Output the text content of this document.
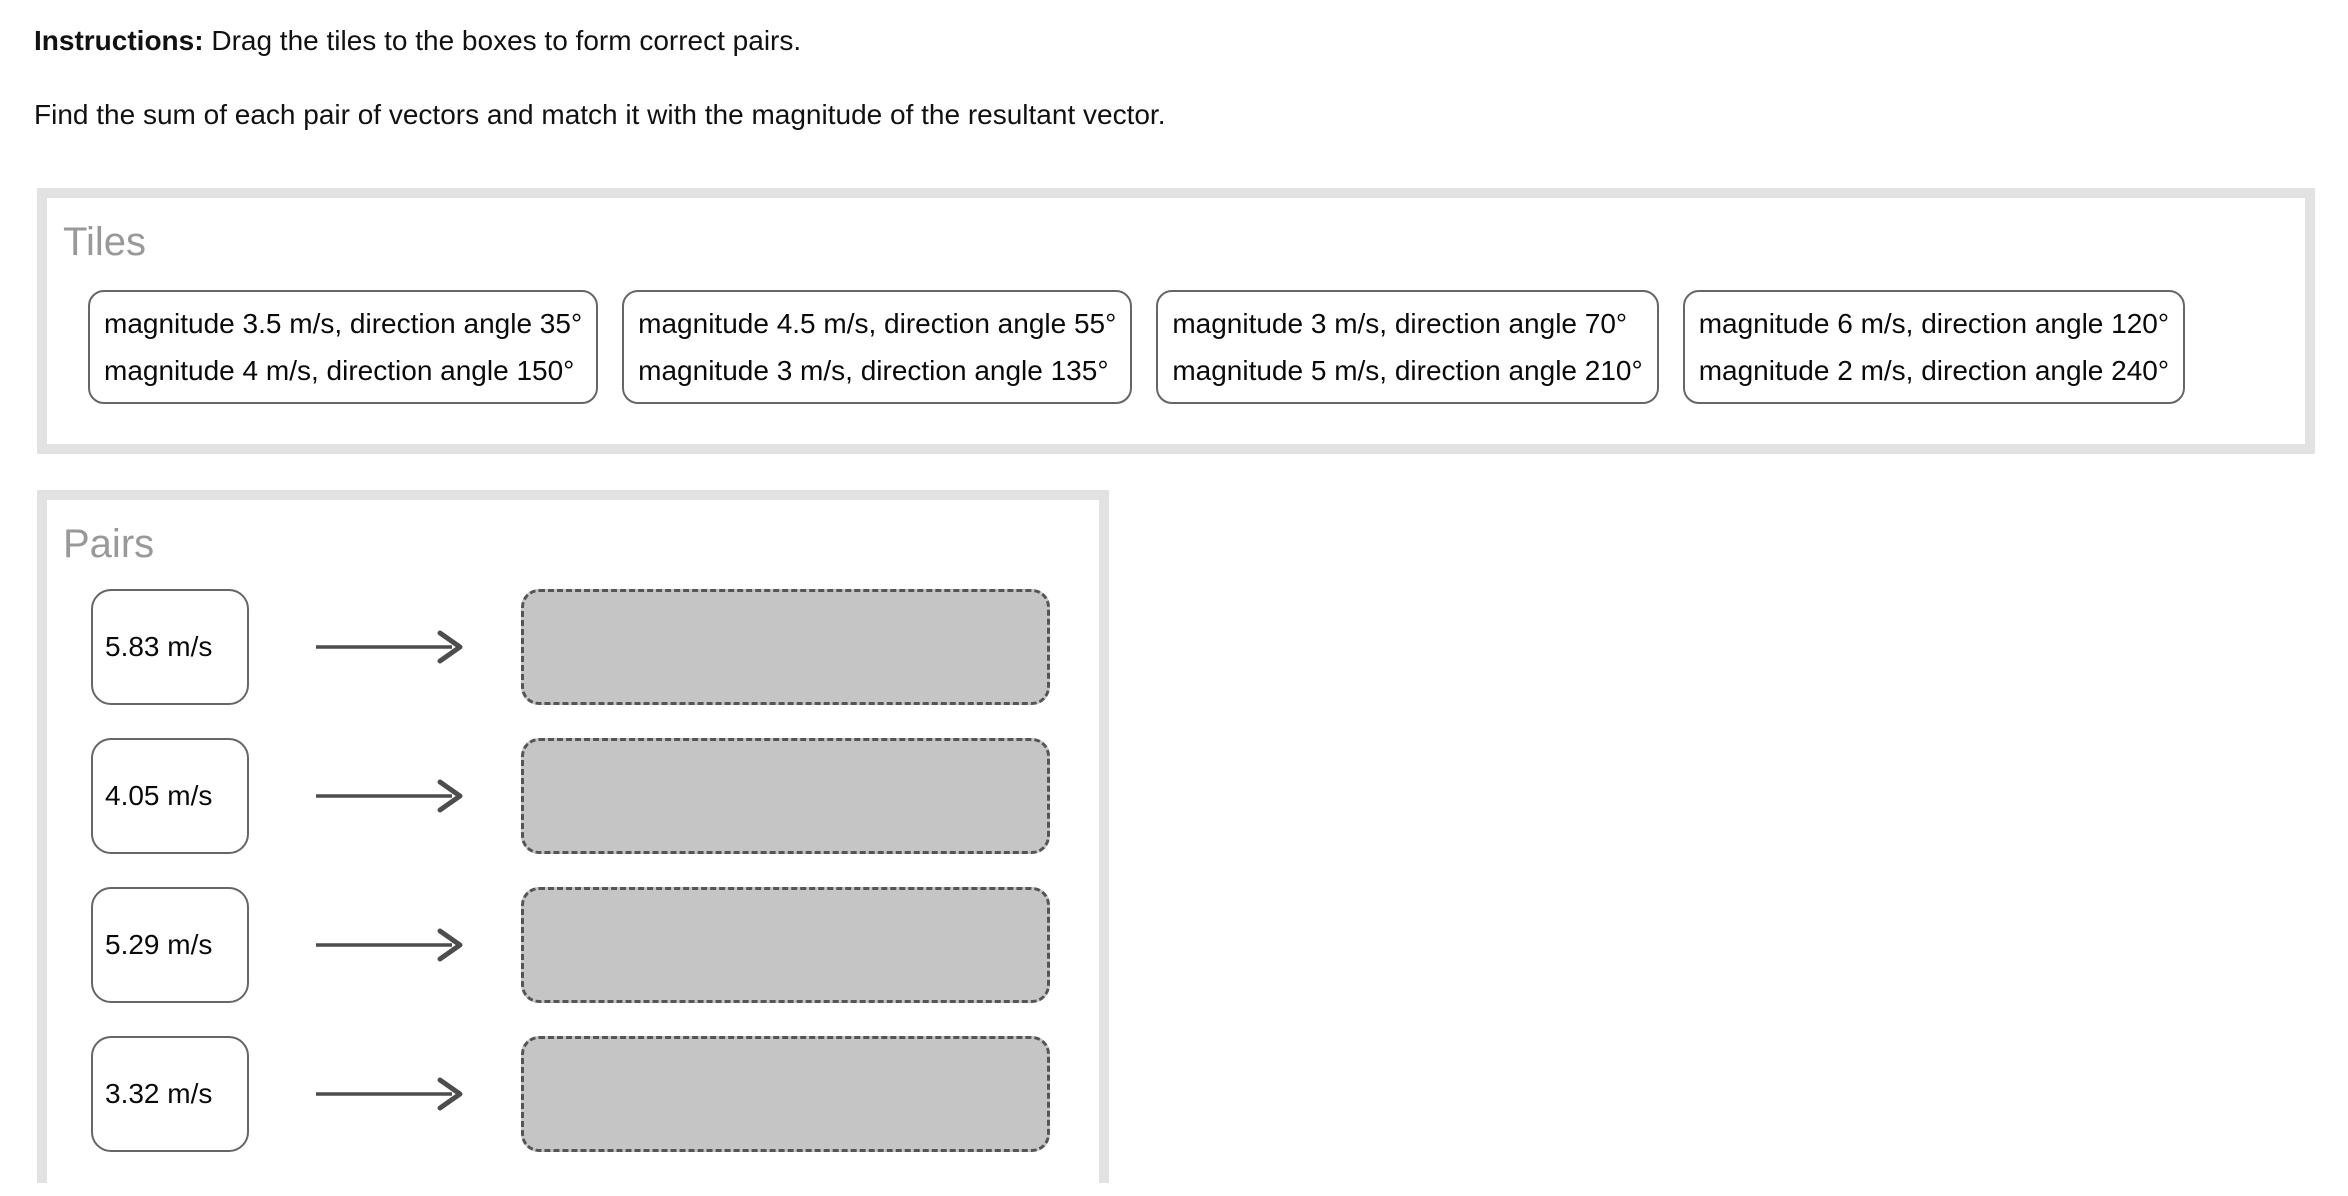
Instructions: Drag the tiles to the boxes to form correct pairs.

Find the sum of each pair of vectors and match it with the magnitude of the resultant vector.

Tiles
magnitude 3.5 m/s, direction angle 35°
magnitude 4 m/s, direction angle 150°
magnitude 4.5 m/s, direction angle 55°
magnitude 3 m/s, direction angle 135°
magnitude 3 m/s, direction angle 70°
magnitude 5 m/s, direction angle 210°
magnitude 6 m/s, direction angle 120°
magnitude 2 m/s, direction angle 240°
Pairs
5.83 m/s
4.05 m/s
5.29 m/s
3.32 m/s
